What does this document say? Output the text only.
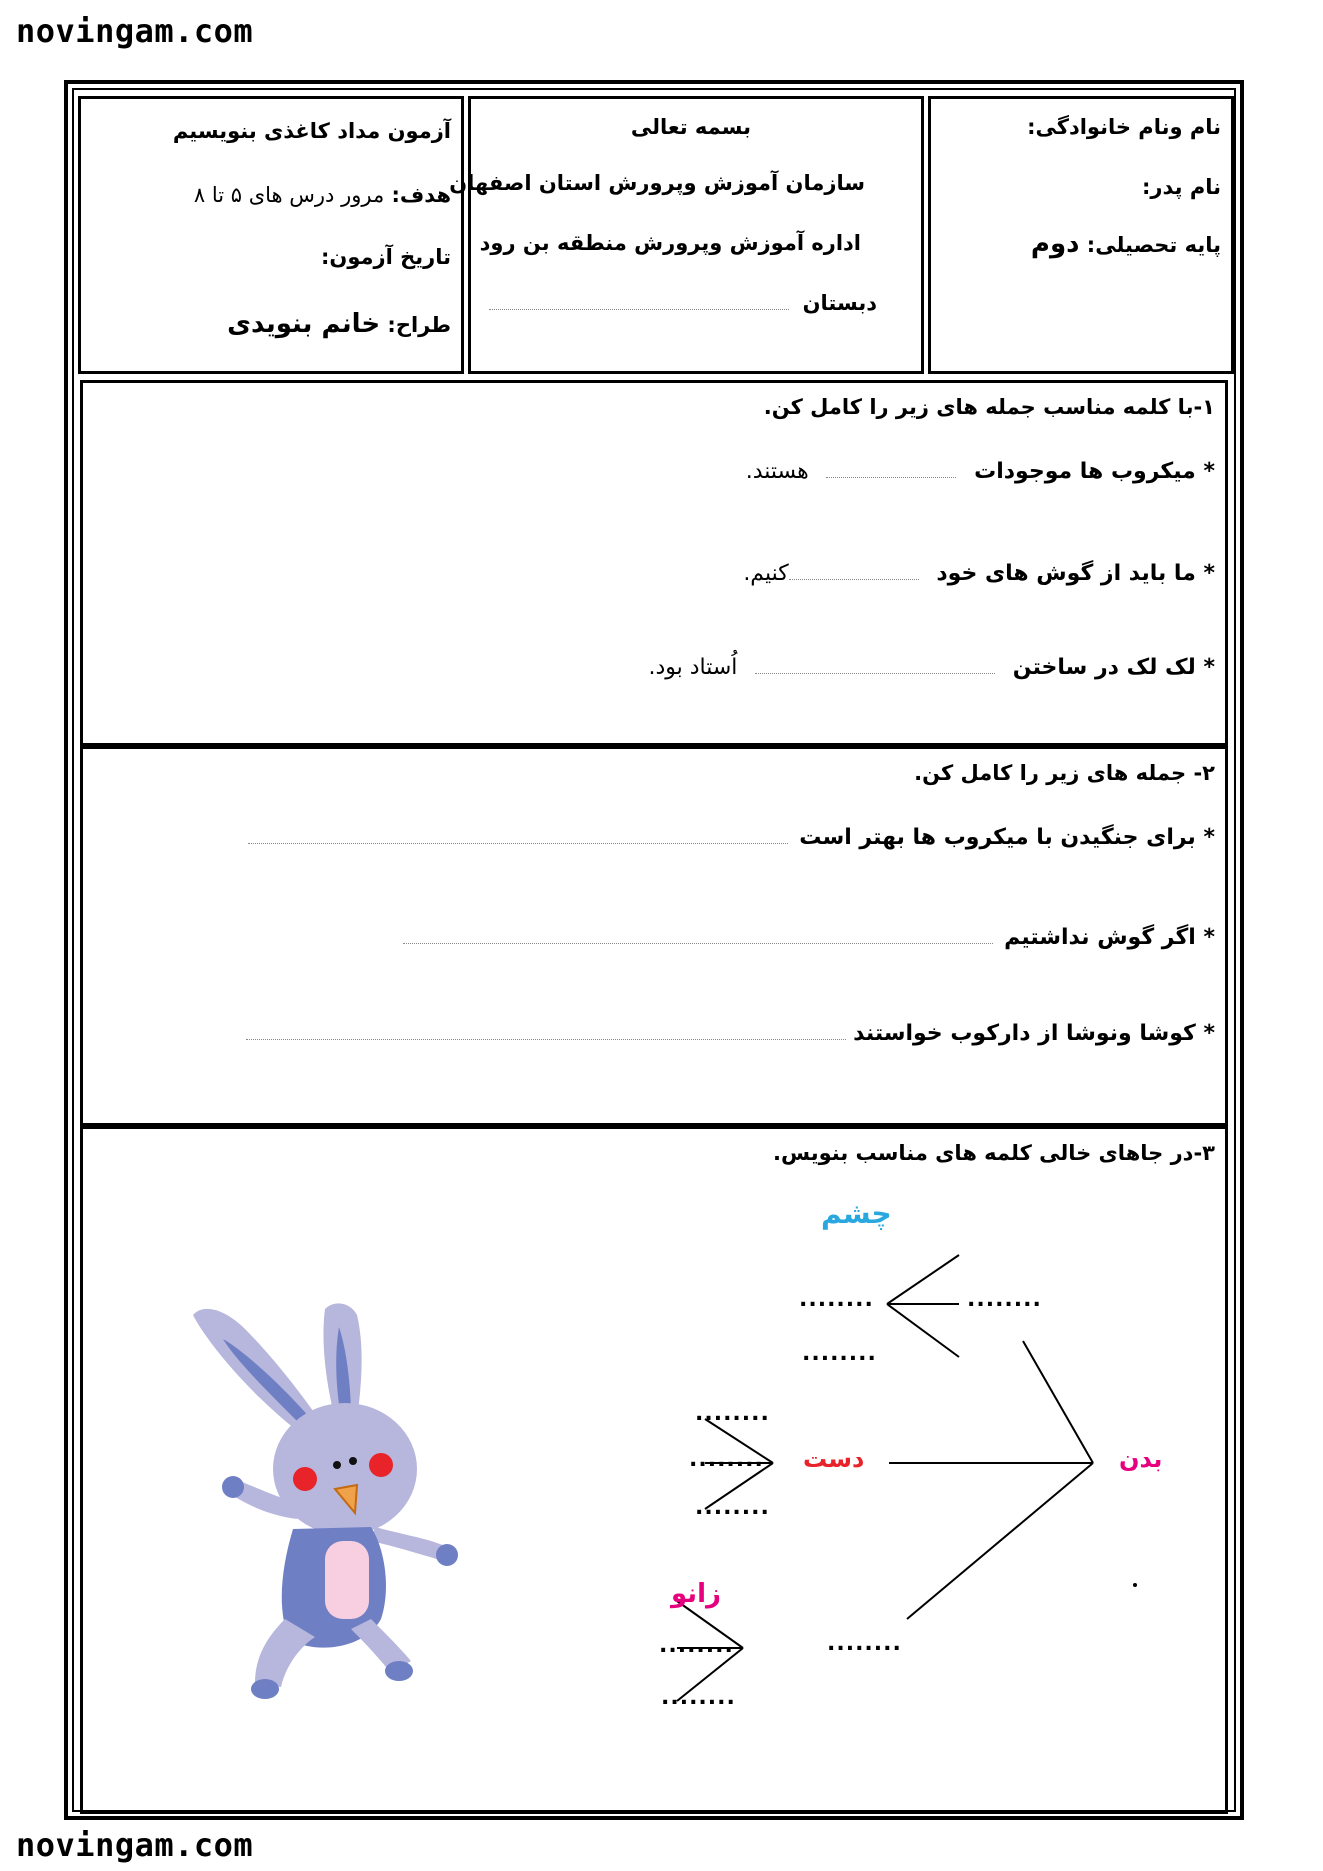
novingam.com
آزمون مداد کاغذی بنویسیم
هدف: مرور درس های ۵ تا ۸
تاریخ آزمون:
طراح: خانم بنویدی
بسمه تعالی
سازمان آموزش وپرورش استان اصفهان
اداره آموزش وپرورش منطقه بن رود
دبستان
نام ونام خانوادگی:
نام پدر:
پایه تحصیلی: دوم
۱-با کلمه مناسب جمله های زیر را کامل کن.
* میکروب ها موجودات  هستند.
* ما باید از گوش های خود کنیم.
* لک لک در ساختن  اُستاد بود.
۲- جمله های زیر را کامل کن.
* برای جنگیدن با میکروب ها بهتر است
* اگر گوش نداشتیم
* کوشا ونوشا از دارکوب خواستند
۳-در جاهای خالی کلمه های مناسب بنویس.
چشم
دست	بدن
زانو
........
........
........
........
........
........
........
........
........
novingam.com
